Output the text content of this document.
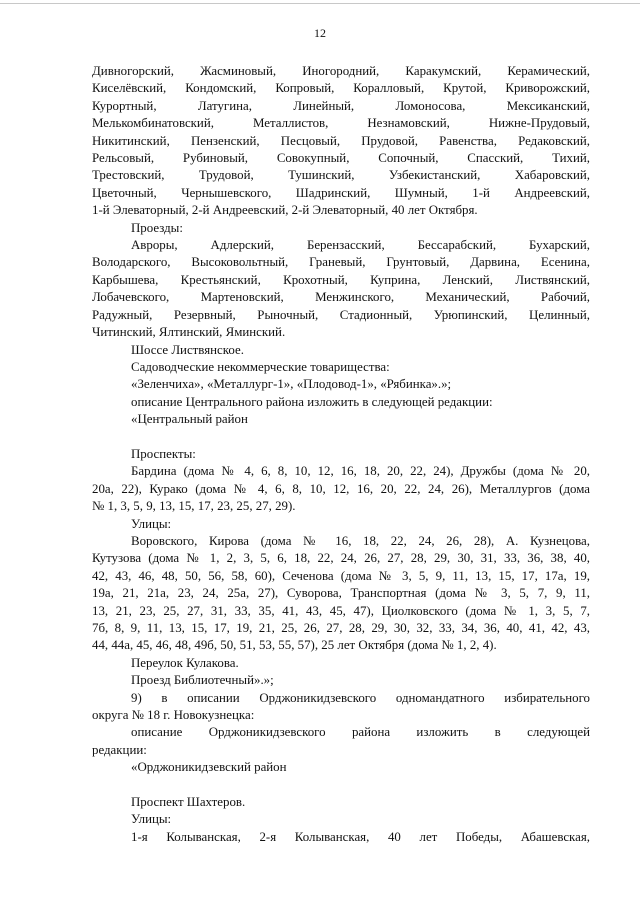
12
Дивногорский, Жасминовый, Иногородний, Каракумский, Керамический,
Киселёвский, Кондомский, Копровый, Коралловый, Крутой, Криворожский,
Курортный, Латугина, Линейный, Ломоносова, Мексиканский,
Мелькомбинатовский, Металлистов, Незнамовский, Нижне-Прудовый,
Никитинский, Пензенский, Песцовый, Прудовой, Равенства, Редаковский,
Рельсовый, Рубиновый, Совокупный, Сопочный, Спасский, Тихий,
Трестовский, Трудовой, Тушинский, Узбекистанский, Хабаровский,
Цветочный, Чернышевского, Шадринский, Шумный, 1-й Андреевский,
1-й Элеваторный, 2-й Андреевский, 2-й Элеваторный, 40 лет Октября.
Проезды:
Авроры, Адлерский, Берензасский, Бессарабский, Бухарский,
Володарского, Высоковольтный, Граневый, Грунтовый, Дарвина, Есенина,
Карбышева, Крестьянский, Крохотный, Куприна, Ленский, Листвянский,
Лобачевского, Мартеновский, Менжинского, Механический, Рабочий,
Радужный, Резервный, Рыночный, Стадионный, Урюпинский, Целинный,
Читинский, Ялтинский, Яминский.
Шоссе Листвянское.
Садоводческие некоммерческие товарищества:
«Зеленчиха», «Металлург-1», «Плодовод-1», «Рябинка».»;
описание Центрального района изложить в следующей редакции:
«Центральный район
Проспекты:
Бардина (дома № 4, 6, 8, 10, 12, 16, 18, 20, 22, 24), Дружбы (дома № 20,
20а, 22), Курако (дома № 4, 6, 8, 10, 12, 16, 20, 22, 24, 26), Металлургов (дома
№ 1, 3, 5, 9, 13, 15, 17, 23, 25, 27, 29).
Улицы:
Воровского, Кирова (дома № 16, 18, 22, 24, 26, 28), А. Кузнецова,
Кутузова (дома № 1, 2, 3, 5, 6, 18, 22, 24, 26, 27, 28, 29, 30, 31, 33, 36, 38, 40,
42, 43, 46, 48, 50, 56, 58, 60), Сеченова (дома № 3, 5, 9, 11, 13, 15, 17, 17а, 19,
19а, 21, 21а, 23, 24, 25а, 27), Суворова, Транспортная (дома № 3, 5, 7, 9, 11,
13, 21, 23, 25, 27, 31, 33, 35, 41, 43, 45, 47), Циолковского (дома № 1, 3, 5, 7,
7б, 8, 9, 11, 13, 15, 17, 19, 21, 25, 26, 27, 28, 29, 30, 32, 33, 34, 36, 40, 41, 42, 43,
44, 44а, 45, 46, 48, 49б, 50, 51, 53, 55, 57), 25 лет Октября (дома № 1, 2, 4).
Переулок Кулакова.
Проезд Библиотечный».»;
9) в описании Орджоникидзевского одномандатного избирательного
округа № 18 г. Новокузнецка:
описание Орджоникидзевского района изложить в следующей
редакции:
«Орджоникидзевский район
Проспект Шахтеров.
Улицы:
1-я Колыванская, 2-я Колыванская, 40 лет Победы, Абашевская,
